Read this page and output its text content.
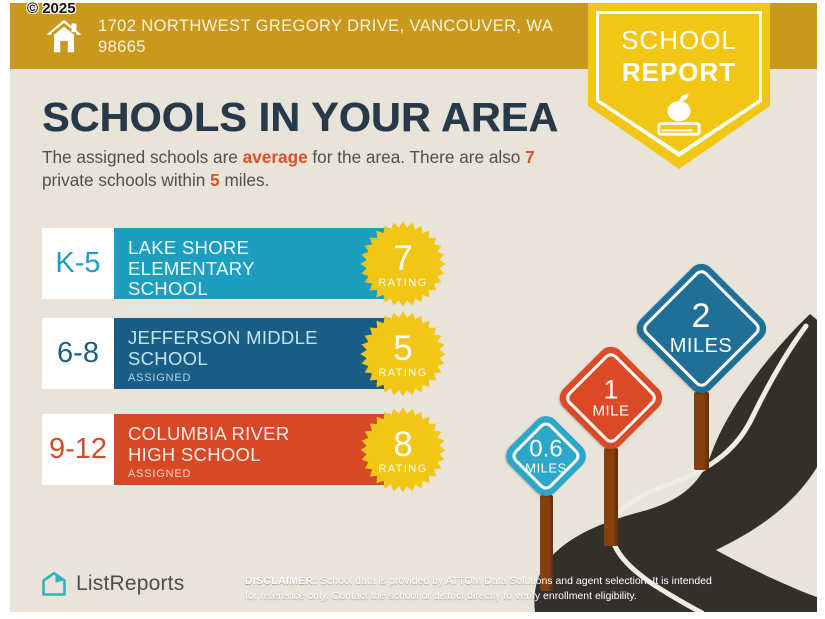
0.6
MILES
1
MILE
2
MILES
1702 NORTHWEST GREGORY DRIVE, VANCOUVER, WA 98665	SCHOOL
REPORT
SCHOOLS IN YOUR AREA
The assigned schools are average for the area. There are also 7 private schools within 5 miles.
K-5	LAKE SHORE ELEMENTARY SCHOOL
ASSIGNED
7
RATING
6-8	JEFFERSON MIDDLE SCHOOL
ASSIGNED
5
RATING
9-12	COLUMBIA RIVER HIGH SCHOOL
ASSIGNED
8
RATING
ListReports	DISCLAIMER: School data is provided by ATTOM Data Solutions and agent selection. It is intended for reference only. Contact the school or district directly to verify enrollment eligibility.
© 2025
